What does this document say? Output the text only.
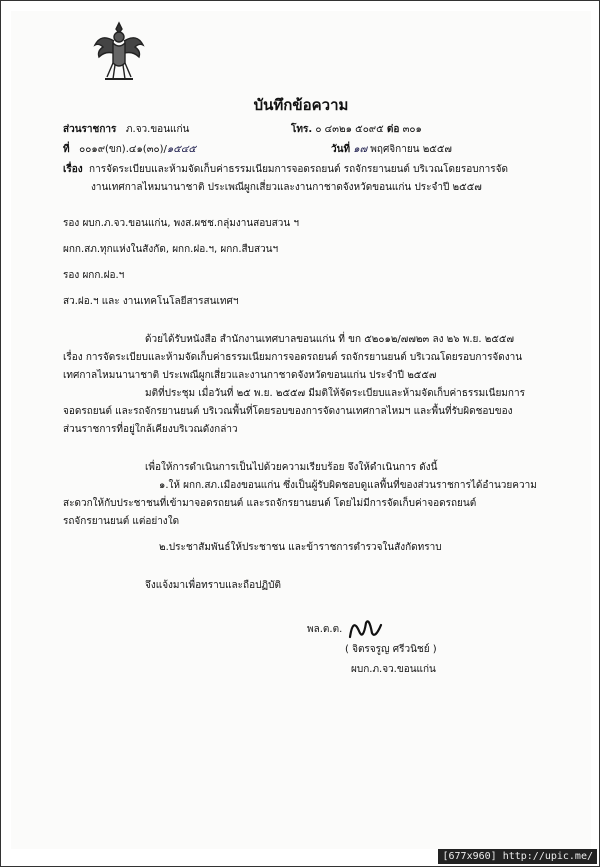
บันทึกข้อความ
ส่วนราชการ ภ.จว.ขอนแก่น	โทร. ๐ ๔๓๒๑ ๕๐๙๕ ต่อ ๓๐๑
ที่ ๐๐๑๙(ขก).๔๑(๓๐)/๑๕๔๕	วันที่ ๑๗ พฤศจิกายน ๒๕๕๗
เรื่อง การจัดระเบียบและห้ามจัดเก็บค่าธรรมเนียมการจอดรถยนต์ รถจักรยานยนต์ บริเวณโดยรอบการจัด
งานเทศกาลไหมนานาชาติ ประเพณีผูกเสี่ยวและงานกาชาดจังหวัดขอนแก่น ประจำปี ๒๕๕๗
รอง ผบก.ภ.จว.ขอนแก่น, พงส.ผชช.กลุ่มงานสอบสวน ฯ
ผกก.สภ.ทุกแห่งในสังกัด, ผกก.ฝอ.ฯ, ผกก.สืบสวนฯ
รอง ผกก.ฝอ.ฯ
สว.ฝอ.ฯ และ งานเทคโนโลยีสารสนเทศฯ
ด้วยได้รับหนังสือ สำนักงานเทศบาลขอนแก่น ที่ ขก ๕๒๐๑๒/๗๗๒๓ ลง ๒๖ พ.ย. ๒๕๕๗
เรื่อง การจัดระเบียบและห้ามจัดเก็บค่าธรรมเนียมการจอดรถยนต์ รถจักรยานยนต์ บริเวณโดยรอบการจัดงาน
เทศกาลไหมนานาชาติ ประเพณีผูกเสี่ยวและงานกาชาดจังหวัดขอนแก่น ประจำปี ๒๕๕๗
มติที่ประชุม เมื่อวันที่ ๒๕ พ.ย. ๒๕๕๗ มีมติให้จัดระเบียบและห้ามจัดเก็บค่าธรรมเนียมการ
จอดรถยนต์ และรถจักรยานยนต์ บริเวณพื้นที่โดยรอบของการจัดงานเทศกาลไหมฯ และพื้นที่รับผิดชอบของ
ส่วนราชการที่อยู่ใกล้เคียงบริเวณดังกล่าว
เพื่อให้การดำเนินการเป็นไปด้วยความเรียบร้อย จึงให้ดำเนินการ ดังนี้
๑.ให้ ผกก.สภ.เมืองขอนแก่น ซึ่งเป็นผู้รับผิดชอบดูแลพื้นที่ของส่วนราชการได้อำนวยความ
สะดวกให้กับประชาชนที่เข้ามาจอดรถยนต์ และรถจักรยานยนต์ โดยไม่มีการจัดเก็บค่าจอดรถยนต์
รถจักรยานยนต์ แต่อย่างใด
๒.ประชาสัมพันธ์ให้ประชาชน และข้าราชการตำรวจในสังกัดทราบ
จึงแจ้งมาเพื่อทราบและถือปฏิบัติ
พล.ต.ต.
( จิตรจรูญ ศรีวนิชย์ )
ผบก.ภ.จว.ขอนแก่น
[677x960] http://upic.me/
